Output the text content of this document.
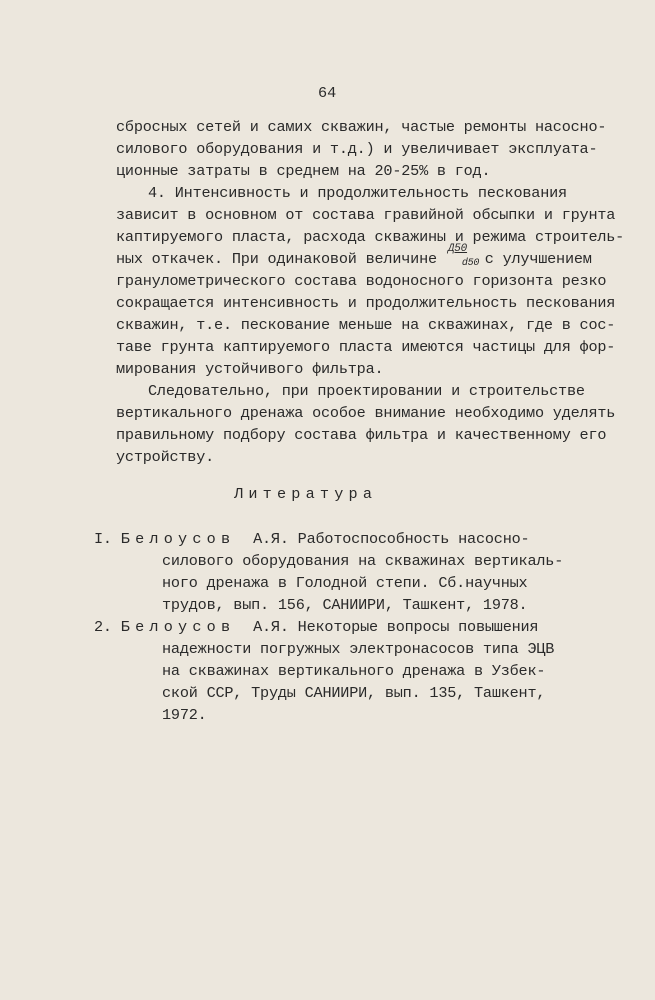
64
сбросных сетей и самих скважин, частые ремонты насосно-
силового оборудования и т.д.) и увеличивает эксплуата-
ционные затраты в среднем на 20-25% в год.
4. Интенсивность и продолжительность пескования
зависит в основном от состава гравийной обсыпки и грунта
каптируемого пласта, расхода скважины и режима строитель-
ных откачек. При одинаковой величине
Д50
d50 с улучшением
гранулометрического состава водоносного горизонта резко
сокращается интенсивность и продолжительность пескования
скважин, т.е. пескование меньше на скважинах, где в сос-
таве грунта каптируемого пласта имеются частицы для фор-
мирования устойчивого фильтра.
Следовательно, при проектировании и строительстве
вертикального дренажа особое внимание необходимо уделять
правильному подбору состава фильтра и качественному его
устройству.
Литература
I. Белоусов А.Я. Работоспособность насосно-
силового оборудования на скважинах вертикаль-
ного дренажа в Голодной степи. Сб.научных
трудов, вып. 156, САНИИРИ, Ташкент, 1978.
2. Белоусов А.Я. Некоторые вопросы повышения
надежности погружных электронасосов типа ЭЦВ
на скважинах вертикального дренажа в Узбек-
ской ССР, Труды САНИИРИ, вып. 135, Ташкент,
1972.
